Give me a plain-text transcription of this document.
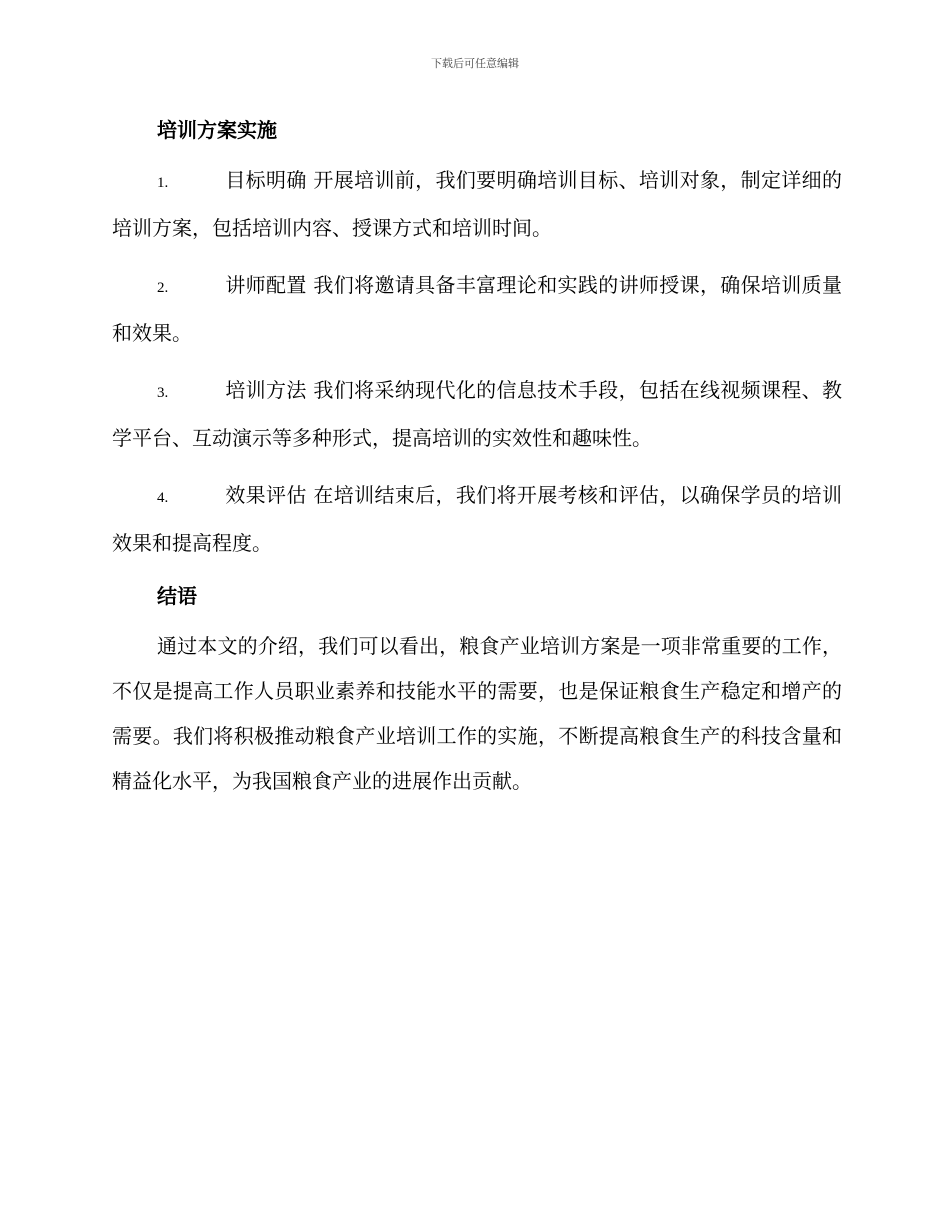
下载后可任意编辑
培训方案实施
1.	目标明确 开展培训前，我们要明确培训目标、培训对象，制定详细的培训方案，包括培训内容、授课方式和培训时间。
2.	讲师配置 我们将邀请具备丰富理论和实践的讲师授课，确保培训质量和效果。
3.	培训方法 我们将采纳现代化的信息技术手段，包括在线视频课程、教学平台、互动演示等多种形式，提高培训的实效性和趣味性。
4.	效果评估 在培训结束后，我们将开展考核和评估，以确保学员的培训效果和提高程度。
结语

通过本文的介绍，我们可以看出，粮食产业培训方案是一项非常重要的工作，不仅是提高工作人员职业素养和技能水平的需要，也是保证粮食生产稳定和增产的需要。我们将积极推动粮食产业培训工作的实施，不断提高粮食生产的科技含量和精益化水平，为我国粮食产业的进展作出贡献。
